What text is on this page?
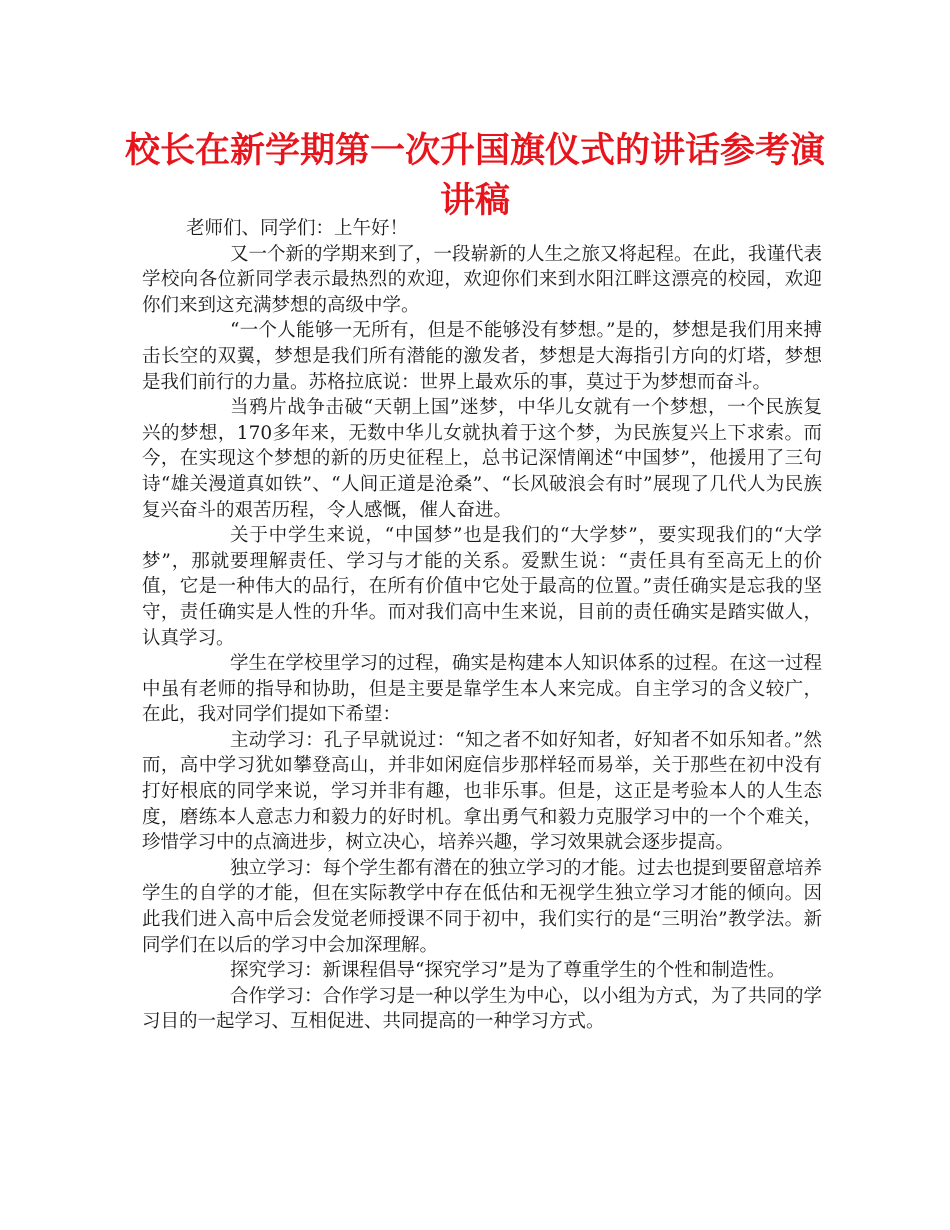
校长在新学期第一次升国旗仪式的讲话参考演讲稿

老师们、同学们：上午好！

又一个新的学期来到了，一段崭新的人生之旅又将起程。在此，我谨代表学校向各位新同学表示最热烈的欢迎，欢迎你们来到水阳江畔这漂亮的校园，欢迎你们来到这充满梦想的高级中学。

“一个人能够一无所有，但是不能够没有梦想。”是的，梦想是我们用来搏击长空的双翼，梦想是我们所有潜能的激发者，梦想是大海指引方向的灯塔，梦想是我们前行的力量。苏格拉底说：世界上最欢乐的事，莫过于为梦想而奋斗。

当鸦片战争击破“天朝上国”迷梦，中华儿女就有一个梦想，一个民族复兴的梦想，170多年来，无数中华儿女就执着于这个梦，为民族复兴上下求索。而今，在实现这个梦想的新的历史征程上，总书记深情阐述“中国梦”，他援用了三句诗“雄关漫道真如铁”、“人间正道是沧桑”、“长风破浪会有时”展现了几代人为民族复兴奋斗的艰苦历程，令人感慨，催人奋进。

关于中学生来说，“中国梦”也是我们的“大学梦”，要实现我们的“大学梦”，那就要理解责任、学习与才能的关系。爱默生说：“责任具有至高无上的价值，它是一种伟大的品行，在所有价值中它处于最高的位置。”责任确实是忘我的坚守，责任确实是人性的升华。而对我们高中生来说，目前的责任确实是踏实做人，认真学习。

学生在学校里学习的过程，确实是构建本人知识体系的过程。在这一过程中虽有老师的指导和协助，但是主要是靠学生本人来完成。自主学习的含义较广，在此，我对同学们提如下希望：

主动学习：孔子早就说过：“知之者不如好知者，好知者不如乐知者。”然而，高中学习犹如攀登高山，并非如闲庭信步那样轻而易举，关于那些在初中没有打好根底的同学来说，学习并非有趣，也非乐事。但是，这正是考验本人的人生态度，磨练本人意志力和毅力的好时机。拿出勇气和毅力克服学习中的一个个难关，珍惜学习中的点滴进步，树立决心，培养兴趣，学习效果就会逐步提高。

独立学习：每个学生都有潜在的独立学习的才能。过去也提到要留意培养学生的自学的才能，但在实际教学中存在低估和无视学生独立学习才能的倾向。因此我们进入高中后会发觉老师授课不同于初中，我们实行的是“三明治”教学法。新同学们在以后的学习中会加深理解。

探究学习：新课程倡导“探究学习”是为了尊重学生的个性和制造性。

合作学习：合作学习是一种以学生为中心，以小组为方式，为了共同的学习目的一起学习、互相促进、共同提高的一种学习方式。
